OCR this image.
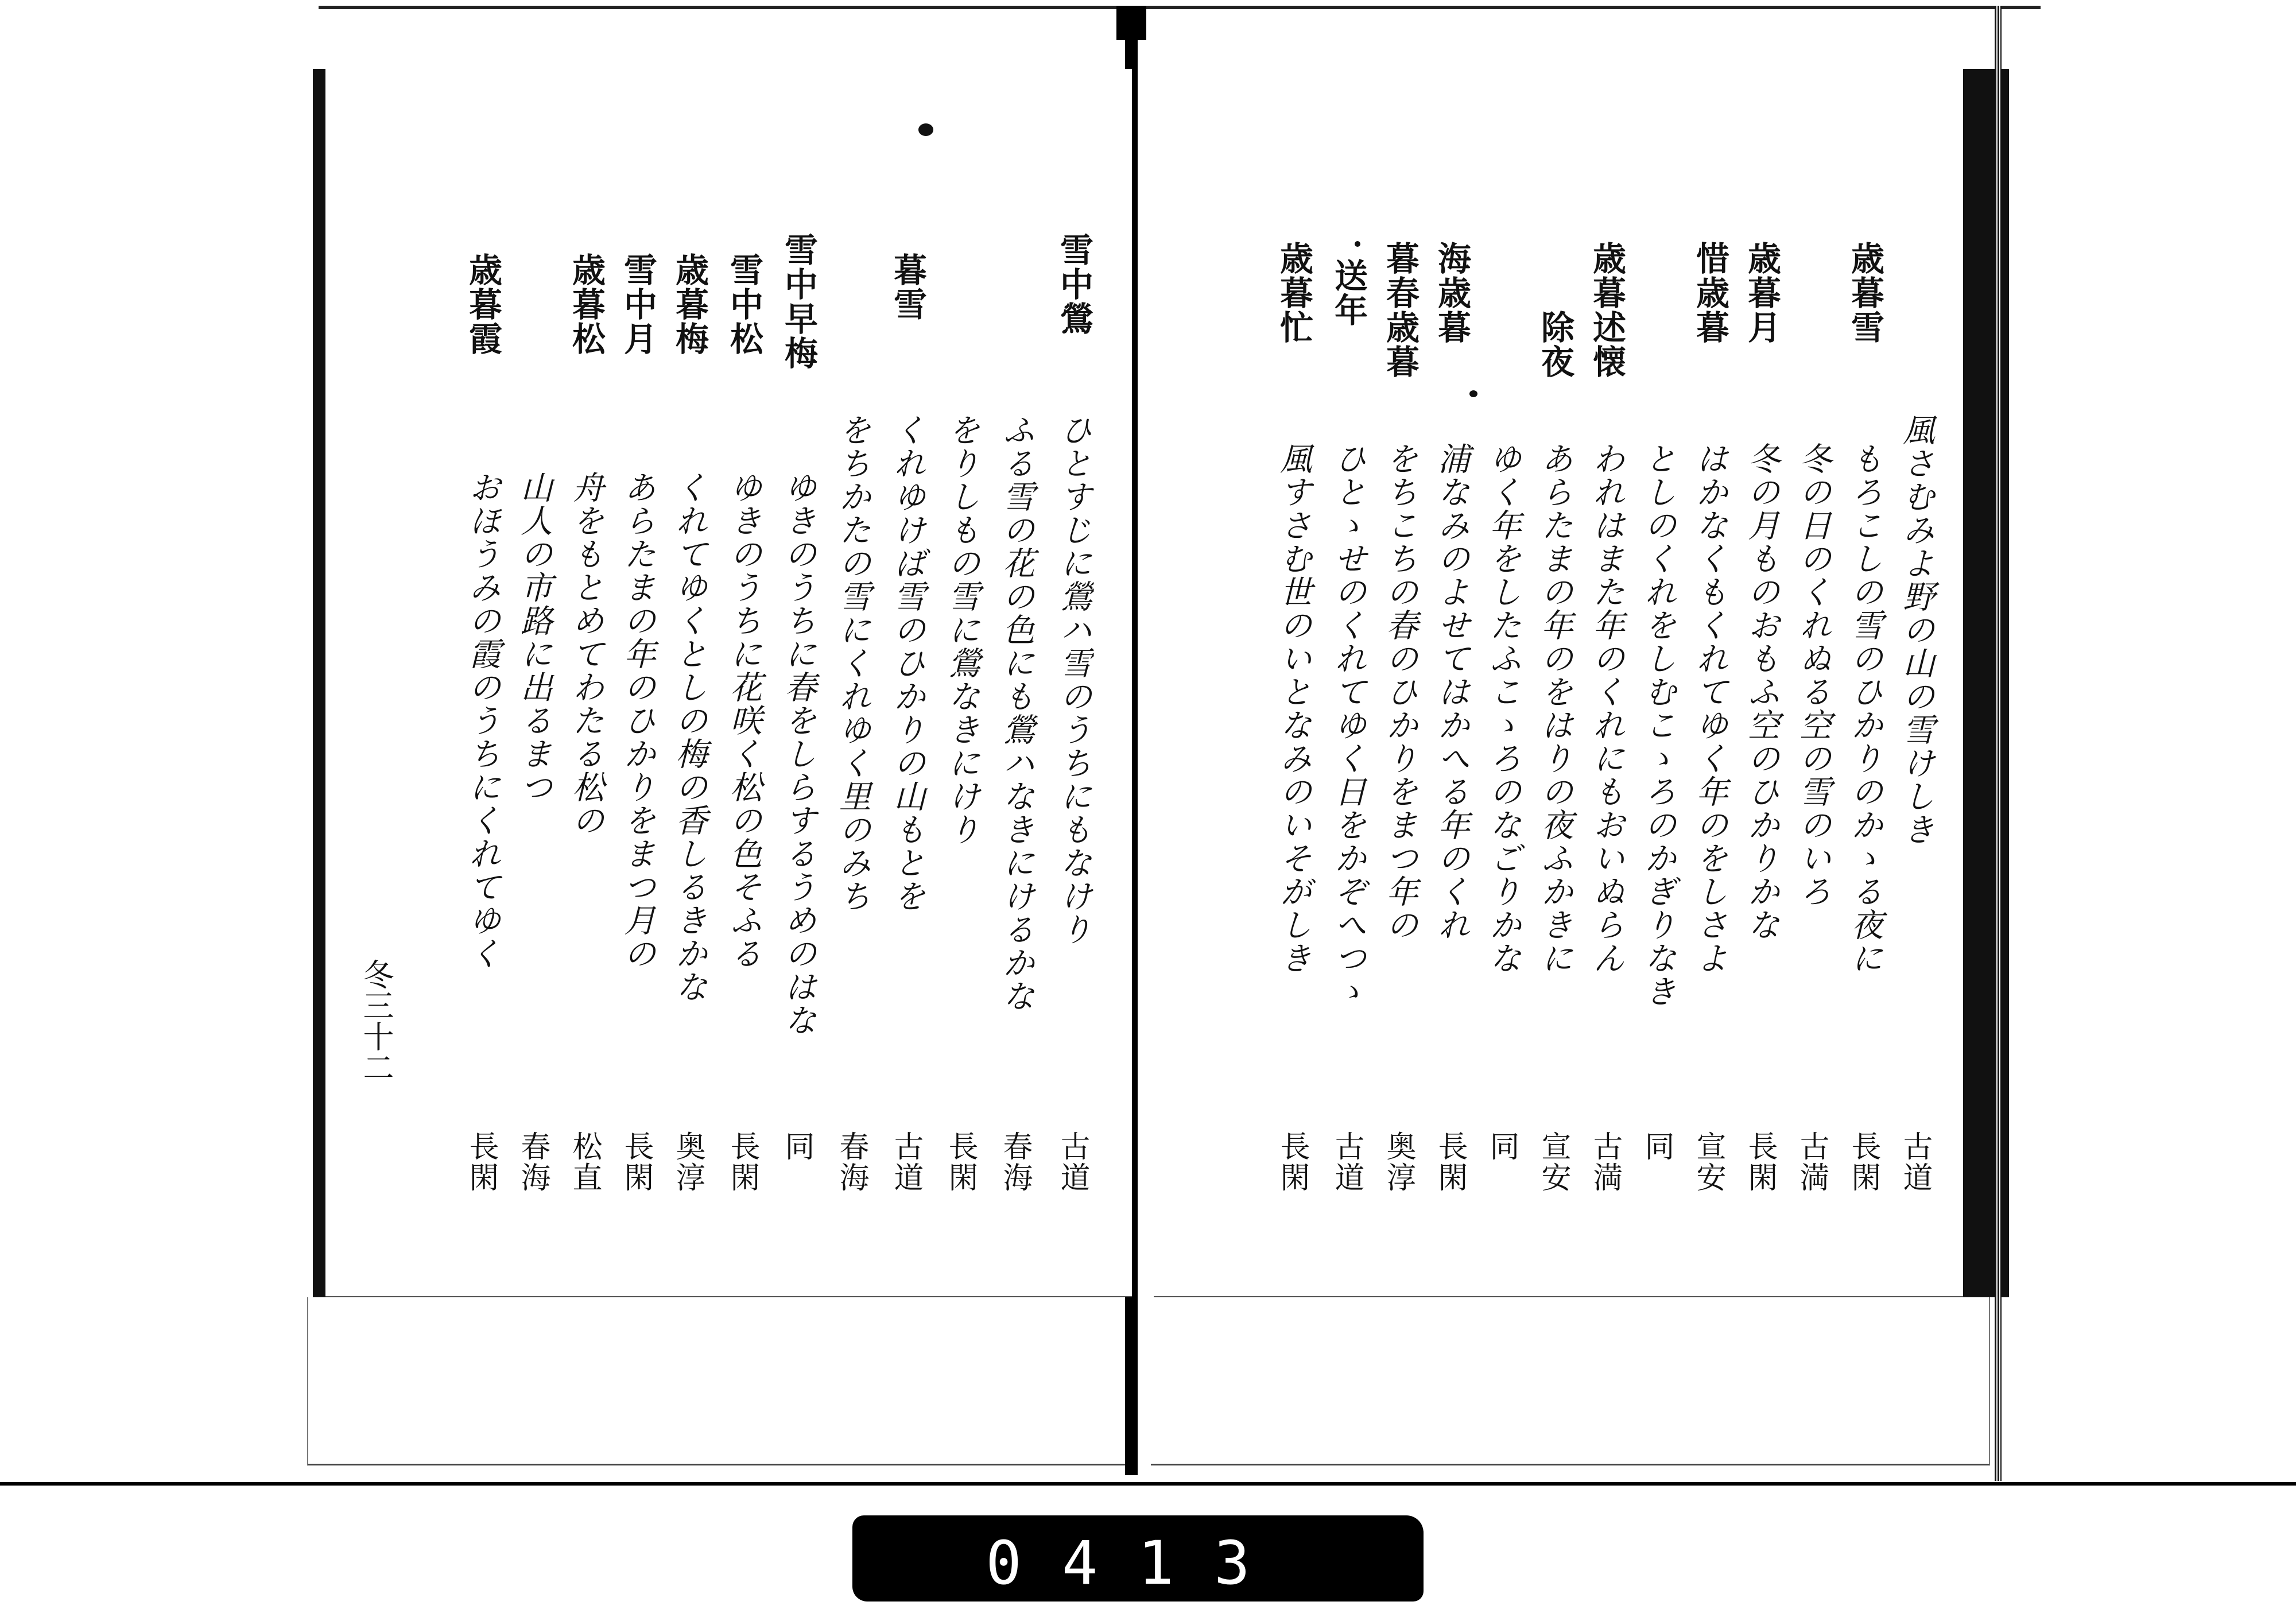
冬三十二
雪中鶯
ひとすじに鶯ハ雪のうちにもなけり
古道
ふる雪の花の色にも鶯ハなきにけるかな
春海
をりしもの雪に鶯なきにけり
長閑
暮雪
くれゆけば雪のひかりの山もとを
古道
をちかたの雪にくれゆく里のみち
春海
雪中早梅
ゆきのうちに春をしらするうめのはな
同
雪中松
ゆきのうちに花咲く松の色そふる
長閑
歳暮梅
くれてゆくとしの梅の香しるきかな
奥淳
雪中月
あらたまの年のひかりをまつ月の
長閑
歳暮松
舟をもとめてわたる松の
松直
山人の市路に出るまつ
春海
歳暮霞
おほうみの霞のうちにくれてゆく
長閑
風さむみよ野の山の雪けしき
古道
歳暮雪
もろこしの雪のひかりのかゝる夜に
長閑
冬の日のくれぬる空の雪のいろ
古満
歳暮月
冬の月ものおもふ空のひかりかな
長閑
惜歳暮
はかなくもくれてゆく年のをしさよ
宣安
としのくれをしむこゝろのかぎりなき
同
歳暮述懐
われはまた年のくれにもおいぬらん
古満
除夜
あらたまの年のをはりの夜ふかきに
宣安
ゆく年をしたふこゝろのなごりかな
同
海歳暮
浦なみのよせてはかへる年のくれ
長閑
暮春歳暮
をちこちの春のひかりをまつ年の
奥淳
送年
ひとゝせのくれてゆく日をかぞへつゝ
古道
歳暮忙
風すさむ世のいとなみのいそがしき
長閑
0413
